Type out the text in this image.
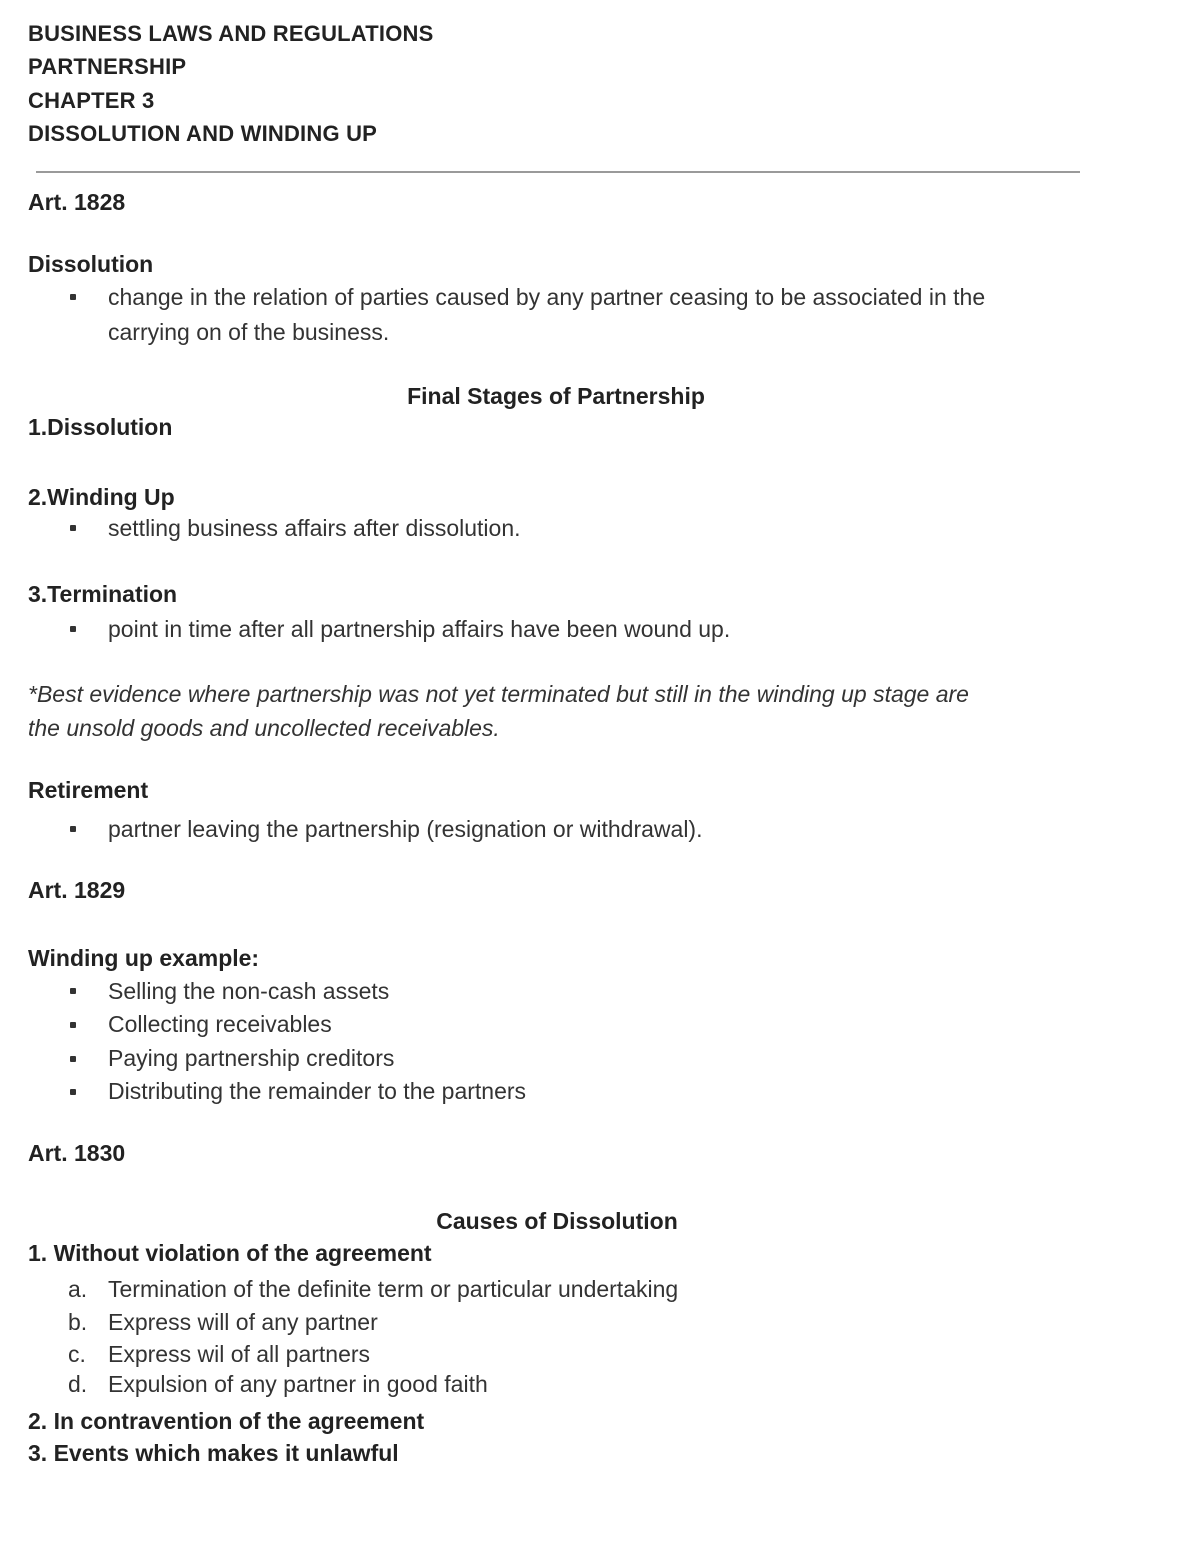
BUSINESS LAWS AND REGULATIONS
PARTNERSHIP
CHAPTER 3
DISSOLUTION AND WINDING UP
Art. 1828
Dissolution
change in the relation of parties caused by any partner ceasing to be associated in the
carrying on of the business.
Final Stages of Partnership
1.Dissolution
2.Winding Up
settling business affairs after dissolution.
3.Termination
point in time after all partnership affairs have been wound up.
*Best evidence where partnership was not yet terminated but still in the winding up stage are
the unsold goods and uncollected receivables.
Retirement
partner leaving the partnership (resignation or withdrawal).
Art. 1829
Winding up example:
Selling the non-cash assets
Collecting receivables
Paying partnership creditors
Distributing the remainder to the partners
Art. 1830
Causes of Dissolution
1. Without violation of the agreement
a. Termination of the definite term or particular undertaking
b. Express will of any partner
c. Express wil of all partners
d. Expulsion of any partner in good faith
2. In contravention of the agreement
3. Events which makes it unlawful
